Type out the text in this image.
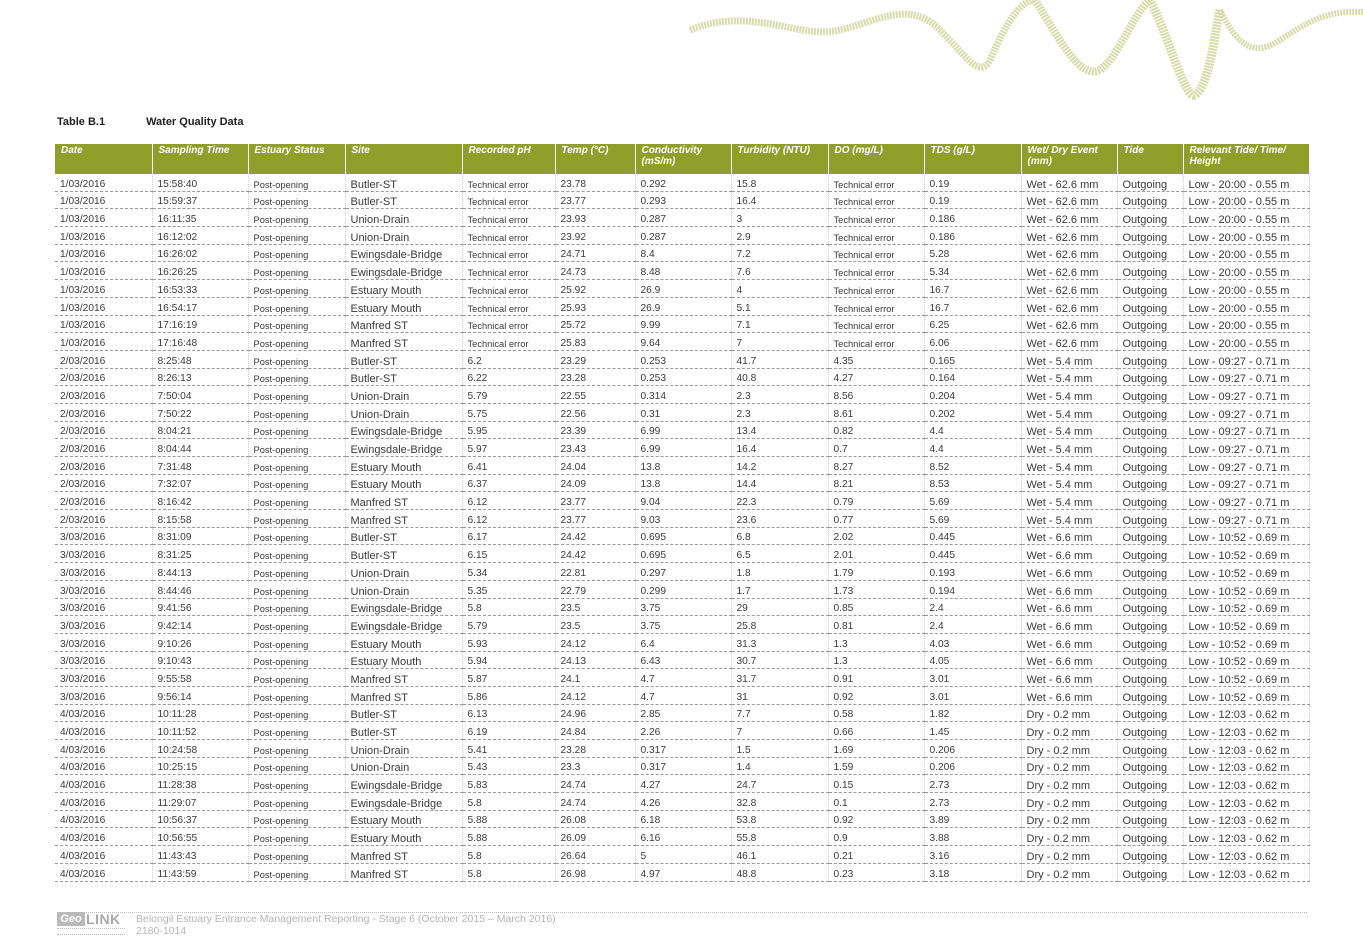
Table B.1	Water Quality Data
Date	Sampling Time	Estuary Status	Site	Recorded pH	Temp (°C)	Conductivity (mS/m)	Turbidity (NTU)	DO (mg/L)	TDS (g/L)	Wet/ Dry Event (mm)	Tide	Relevant Tide/ Time/ Height
1/03/2016	15:58:40	Post-opening	Butler-ST	Technical error	23.78	0.292	15.8	Technical error	0.19	Wet - 62.6 mm	Outgoing	Low - 20:00 - 0.55 m
1/03/2016	15:59:37	Post-opening	Butler-ST	Technical error	23.77	0.293	16.4	Technical error	0.19	Wet - 62.6 mm	Outgoing	Low - 20:00 - 0.55 m
1/03/2016	16:11:35	Post-opening	Union-Drain	Technical error	23.93	0.287	3	Technical error	0.186	Wet - 62.6 mm	Outgoing	Low - 20:00 - 0.55 m
1/03/2016	16:12:02	Post-opening	Union-Drain	Technical error	23.92	0.287	2.9	Technical error	0.186	Wet - 62.6 mm	Outgoing	Low - 20:00 - 0.55 m
1/03/2016	16:26:02	Post-opening	Ewingsdale-Bridge	Technical error	24.71	8.4	7.2	Technical error	5.28	Wet - 62.6 mm	Outgoing	Low - 20:00 - 0.55 m
1/03/2016	16:26:25	Post-opening	Ewingsdale-Bridge	Technical error	24.73	8.48	7.6	Technical error	5.34	Wet - 62.6 mm	Outgoing	Low - 20:00 - 0.55 m
1/03/2016	16:53:33	Post-opening	Estuary Mouth	Technical error	25.92	26.9	4	Technical error	16.7	Wet - 62.6 mm	Outgoing	Low - 20:00 - 0.55 m
1/03/2016	16:54:17	Post-opening	Estuary Mouth	Technical error	25.93	26.9	5.1	Technical error	16.7	Wet - 62.6 mm	Outgoing	Low - 20:00 - 0.55 m
1/03/2016	17:16:19	Post-opening	Manfred ST	Technical error	25.72	9.99	7.1	Technical error	6.25	Wet - 62.6 mm	Outgoing	Low - 20:00 - 0.55 m
1/03/2016	17:16:48	Post-opening	Manfred ST	Technical error	25.83	9.64	7	Technical error	6.06	Wet - 62.6 mm	Outgoing	Low - 20:00 - 0.55 m
2/03/2016	8:25:48	Post-opening	Butler-ST	6.2	23.29	0.253	41.7	4.35	0.165	Wet - 5.4 mm	Outgoing	Low - 09:27 - 0.71 m
2/03/2016	8:26:13	Post-opening	Butler-ST	6.22	23.28	0.253	40.8	4.27	0.164	Wet - 5.4 mm	Outgoing	Low - 09:27 - 0.71 m
2/03/2016	7:50:04	Post-opening	Union-Drain	5.79	22.55	0.314	2.3	8.56	0.204	Wet - 5.4 mm	Outgoing	Low - 09:27 - 0.71 m
2/03/2016	7:50:22	Post-opening	Union-Drain	5.75	22.56	0.31	2.3	8.61	0.202	Wet - 5.4 mm	Outgoing	Low - 09:27 - 0.71 m
2/03/2016	8:04:21	Post-opening	Ewingsdale-Bridge	5.95	23.39	6.99	13.4	0.82	4.4	Wet - 5.4 mm	Outgoing	Low - 09:27 - 0.71 m
2/03/2016	8:04:44	Post-opening	Ewingsdale-Bridge	5.97	23.43	6.99	16.4	0.7	4.4	Wet - 5.4 mm	Outgoing	Low - 09:27 - 0.71 m
2/03/2016	7:31:48	Post-opening	Estuary Mouth	6.41	24.04	13.8	14.2	8.27	8.52	Wet - 5.4 mm	Outgoing	Low - 09:27 - 0.71 m
2/03/2016	7:32:07	Post-opening	Estuary Mouth	6.37	24.09	13.8	14.4	8.21	8.53	Wet - 5.4 mm	Outgoing	Low - 09:27 - 0.71 m
2/03/2016	8:16:42	Post-opening	Manfred ST	6.12	23.77	9.04	22.3	0.79	5.69	Wet - 5.4 mm	Outgoing	Low - 09:27 - 0.71 m
2/03/2016	8:15:58	Post-opening	Manfred ST	6.12	23.77	9.03	23.6	0.77	5.69	Wet - 5.4 mm	Outgoing	Low - 09:27 - 0.71 m
3/03/2016	8:31:09	Post-opening	Butler-ST	6.17	24.42	0.695	6.8	2.02	0.445	Wet - 6.6 mm	Outgoing	Low - 10:52 - 0.69 m
3/03/2016	8:31:25	Post-opening	Butler-ST	6.15	24.42	0.695	6.5	2.01	0.445	Wet - 6.6 mm	Outgoing	Low - 10:52 - 0.69 m
3/03/2016	8:44:13	Post-opening	Union-Drain	5.34	22.81	0.297	1.8	1.79	0.193	Wet - 6.6 mm	Outgoing	Low - 10:52 - 0.69 m
3/03/2016	8:44:46	Post-opening	Union-Drain	5.35	22.79	0.299	1.7	1.73	0.194	Wet - 6.6 mm	Outgoing	Low - 10:52 - 0.69 m
3/03/2016	9:41:56	Post-opening	Ewingsdale-Bridge	5.8	23.5	3.75	29	0.85	2.4	Wet - 6.6 mm	Outgoing	Low - 10:52 - 0.69 m
3/03/2016	9:42:14	Post-opening	Ewingsdale-Bridge	5.79	23.5	3.75	25.8	0.81	2.4	Wet - 6.6 mm	Outgoing	Low - 10:52 - 0.69 m
3/03/2016	9:10:26	Post-opening	Estuary Mouth	5.93	24.12	6.4	31.3	1.3	4.03	Wet - 6.6 mm	Outgoing	Low - 10:52 - 0.69 m
3/03/2016	9:10:43	Post-opening	Estuary Mouth	5.94	24.13	6.43	30.7	1.3	4.05	Wet - 6.6 mm	Outgoing	Low - 10:52 - 0.69 m
3/03/2016	9:55:58	Post-opening	Manfred ST	5.87	24.1	4.7	31.7	0.91	3.01	Wet - 6.6 mm	Outgoing	Low - 10:52 - 0.69 m
3/03/2016	9:56:14	Post-opening	Manfred ST	5.86	24.12	4.7	31	0.92	3.01	Wet - 6.6 mm	Outgoing	Low - 10:52 - 0.69 m
4/03/2016	10:11:28	Post-opening	Butler-ST	6.13	24.96	2.85	7.7	0.58	1.82	Dry - 0.2 mm	Outgoing	Low - 12:03 - 0.62 m
4/03/2016	10:11:52	Post-opening	Butler-ST	6.19	24.84	2.26	7	0.66	1.45	Dry - 0.2 mm	Outgoing	Low - 12:03 - 0.62 m
4/03/2016	10:24:58	Post-opening	Union-Drain	5.41	23.28	0.317	1.5	1.69	0.206	Dry - 0.2 mm	Outgoing	Low - 12:03 - 0.62 m
4/03/2016	10:25:15	Post-opening	Union-Drain	5.43	23.3	0.317	1.4	1.59	0.206	Dry - 0.2 mm	Outgoing	Low - 12:03 - 0.62 m
4/03/2016	11:28:38	Post-opening	Ewingsdale-Bridge	5.83	24.74	4.27	24.7	0.15	2.73	Dry - 0.2 mm	Outgoing	Low - 12:03 - 0.62 m
4/03/2016	11:29:07	Post-opening	Ewingsdale-Bridge	5.8	24.74	4.26	32.8	0.1	2.73	Dry - 0.2 mm	Outgoing	Low - 12:03 - 0.62 m
4/03/2016	10:56:37	Post-opening	Estuary Mouth	5.88	26.08	6.18	53.8	0.92	3.89	Dry - 0.2 mm	Outgoing	Low - 12:03 - 0.62 m
4/03/2016	10:56:55	Post-opening	Estuary Mouth	5.88	26.09	6.16	55.8	0.9	3.88	Dry - 0.2 mm	Outgoing	Low - 12:03 - 0.62 m
4/03/2016	11:43:43	Post-opening	Manfred ST	5.8	26.64	5	46.1	0.21	3.16	Dry - 0.2 mm	Outgoing	Low - 12:03 - 0.62 m
4/03/2016	11:43:59	Post-opening	Manfred ST	5.8	26.98	4.97	48.8	0.23	3.18	Dry - 0.2 mm	Outgoing	Low - 12:03 - 0.62 m
Geo LINK Belongil Estuary Entrance Management Reporting - Stage 6 (October 2015 – March 2016)
2180-1014
